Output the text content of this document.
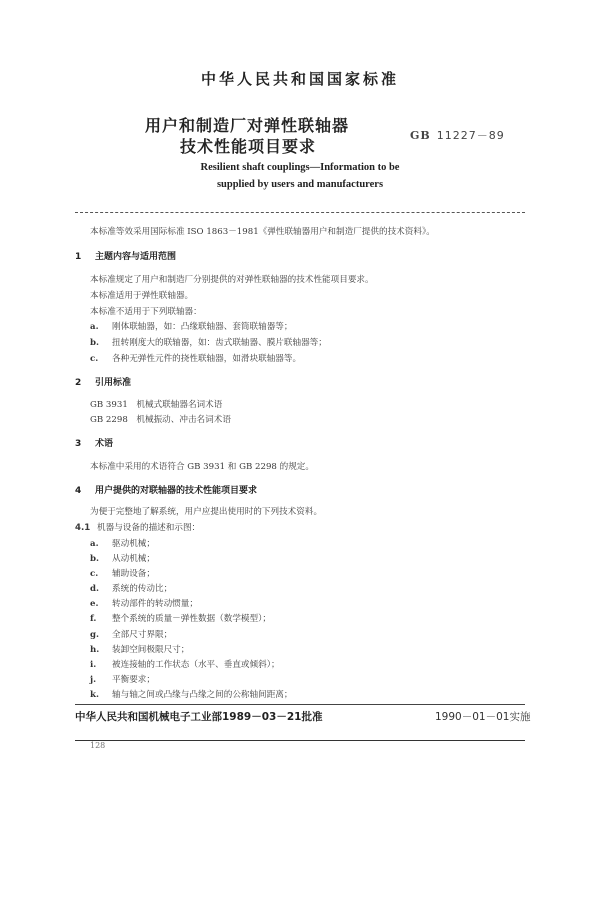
中华人民共和国国家标准
用户和制造厂对弹性联轴器
技术性能项目要求
GB 11227－89
Resilient shaft couplings—Information to be
supplied by users and manufacturers
本标准等效采用国际标准 ISO 1863－1981《弹性联轴器用户和制造厂提供的技术资料》。
1 主题内容与适用范围
本标准规定了用户和制造厂分别提供的对弹性联轴器的技术性能项目要求。
本标准适用于弹性联轴器。
本标准不适用于下列联轴器：
a. 刚体联轴器，如：凸缘联轴器、套筒联轴器等；
b. 扭转刚度大的联轴器，如：齿式联轴器、膜片联轴器等；
c. 各种无弹性元件的挠性联轴器，如滑块联轴器等。
2 引用标准
GB 3931　机械式联轴器名词术语
GB 2298　机械振动、冲击名词术语
3 术语
本标准中采用的术语符合 GB 3931 和 GB 2298 的规定。
4 用户提供的对联轴器的技术性能项目要求
为便于完整地了解系统，用户应提出使用时的下列技术资料。
4.1 机器与设备的描述和示图：
a. 驱动机械；
b. 从动机械；
c. 辅助设备；
d. 系统的传动比；
e. 转动部件的转动惯量；
f. 整个系统的质量－弹性数据（数学模型）；
g. 全部尺寸界限；
h. 装卸空间极限尺寸；
i. 被连接轴的工作状态（水平、垂直或倾斜）；
j. 平衡要求；
k. 轴与轴之间或凸缘与凸缘之间的公称轴间距离；
中华人民共和国机械电子工业部1989－03－21批准	1990－01－01实施
128
